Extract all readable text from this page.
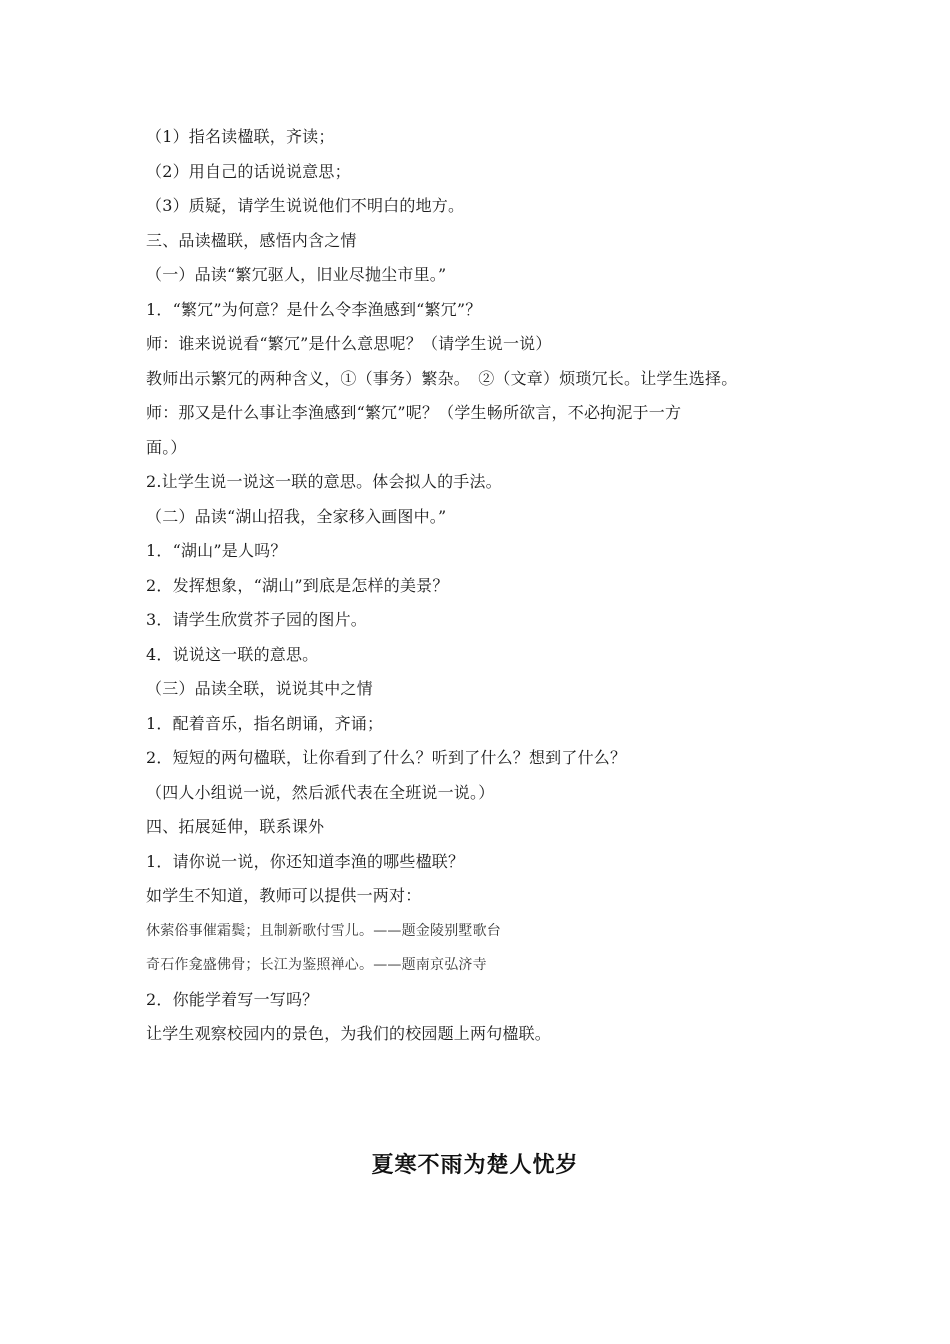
（1）指名读楹联，齐读；
（2）用自己的话说说意思；
（3）质疑，请学生说说他们不明白的地方。
三、品读楹联，感悟内含之情
（一）品读“繁冗驱人，旧业尽抛尘市里。”
1．“繁冗”为何意？是什么令李渔感到“繁冗”？
师：谁来说说看“繁冗”是什么意思呢？（请学生说一说）
教师出示繁冗的两种含义，①（事务）繁杂。　②（文章）烦琐冗长。让学生选择。
师：那又是什么事让李渔感到“繁冗”呢？（学生畅所欲言，不必拘泥于一方
面。）
2.让学生说一说这一联的意思。体会拟人的手法。
（二）品读“湖山招我，全家移入画图中。”
1．“湖山”是人吗？
2．发挥想象，“湖山”到底是怎样的美景？
3．请学生欣赏芥子园的图片。
4．说说这一联的意思。
（三）品读全联，说说其中之情
1．配着音乐，指名朗诵，齐诵；
2．短短的两句楹联，让你看到了什么？听到了什么？想到了什么？
（四人小组说一说，然后派代表在全班说一说。）
四、拓展延伸，联系课外
1．请你说一说，你还知道李渔的哪些楹联？
如学生不知道，教师可以提供一两对：
休萦俗事催霜鬓；且制新歌付雪儿。——题金陵别墅歌台
奇石作龛盛佛骨；长江为鉴照禅心。——题南京弘济寺
2．你能学着写一写吗？
让学生观察校园内的景色，为我们的校园题上两句楹联。
夏寒不雨为楚人忧岁
